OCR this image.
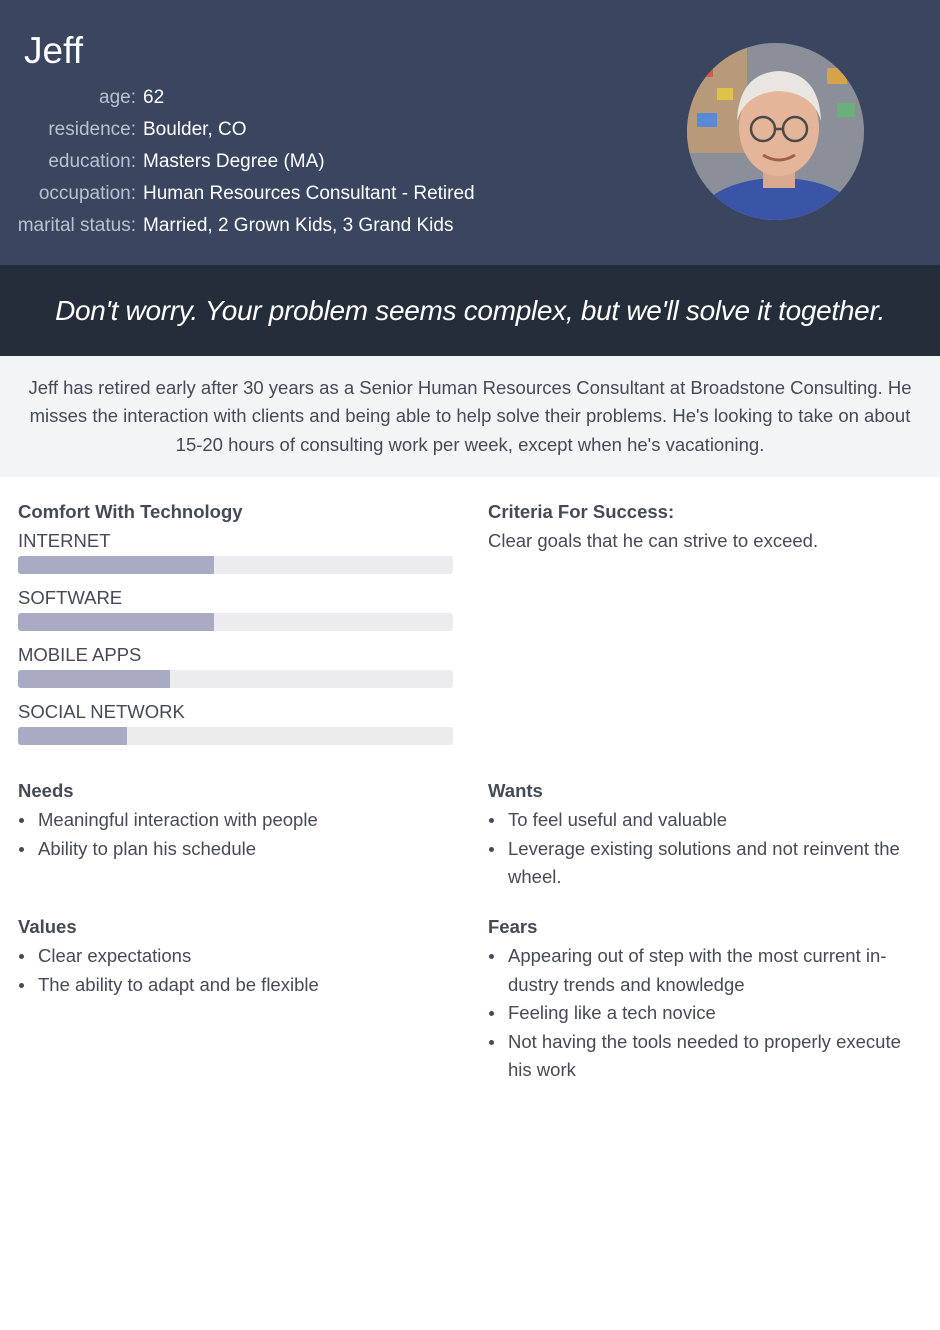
Jeff
age: 62
residence: Boulder, CO
education: Masters Degree (MA)
occupation: Human Resources Consultant - Retired
marital status: Married, 2 Grown Kids, 3 Grand Kids
Don't worry. Your problem seems complex, but we'll solve it together.
Jeff has retired early after 30 years as a Senior Human Resources Consultant at Broadstone Consulting. He misses the interaction with clients and being able to help solve their problems. He's looking to take on about 15-20 hours of consulting work per week, except when he's vacationing.
Comfort With Technology
INTERNET
SOFTWARE
MOBILE APPS
SOCIAL NETWORK
Criteria For Success:
Clear goals that he can strive to exceed.
Needs
Meaningful interaction with people
Ability to plan his schedule
Wants
To feel useful and valuable
Leverage existing solutions and not reinvent the wheel.
Values
Clear expectations
The ability to adapt and be flexible
Fears
Appearing out of step with the most current industry trends and knowledge
Feeling like a tech novice
Not having the tools needed to properly execute his work
